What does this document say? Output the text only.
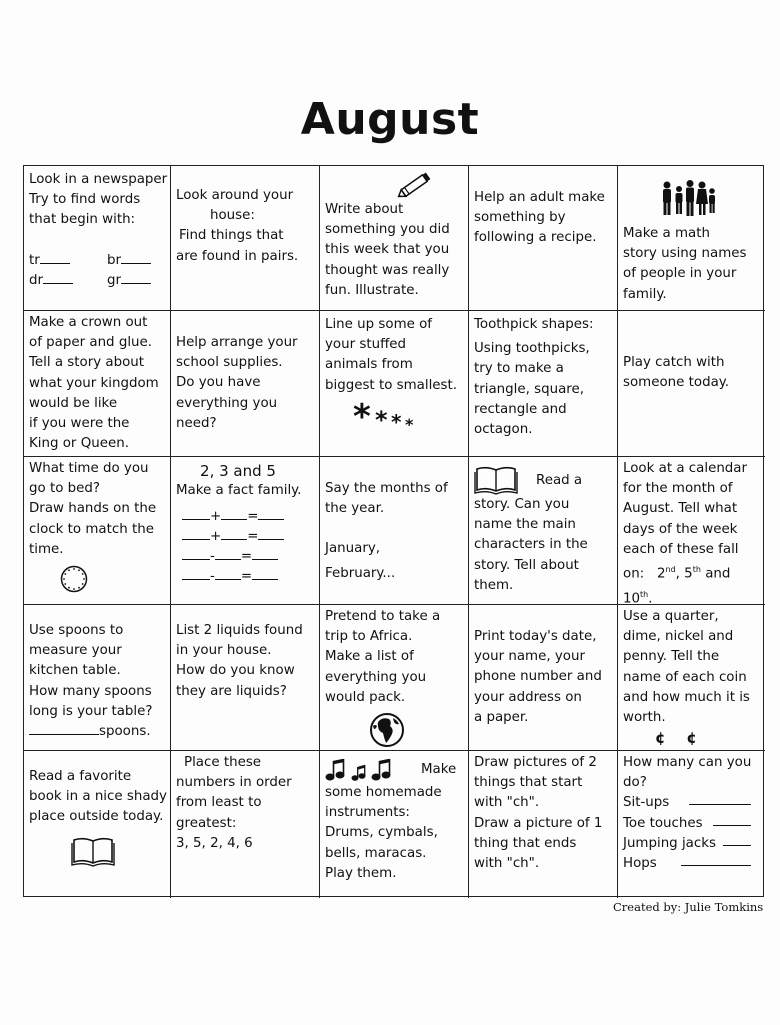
August
Look in a newspaper
Try to find words
that begin with:
tr	br
dr	gr
Look around your
house:
Find things that
are found in pairs.
Write about
something you did
this week that you
thought was really
fun. Illustrate.
Help an adult make
something by
following a recipe.	Make a math
story using names
of people in your
family.
Make a crown out
of paper and glue.
Tell a story about
what your kingdom
would be like
if you were the
King or Queen.
Help arrange your
school supplies.
Do you have
everything you
need?
Line up some of
your stuffed
animals from
biggest to smallest.
* * * *
Toothpick shapes:
Using toothpicks,
try to make a
triangle, square,
rectangle and
octagon.
Play catch with
someone today.
What time do you
go to bed?
Draw hands on the
clock to match the
time.
2, 3 and 5
Make a fact family.
+ =
+ =
- =
- =
Say the months of
the year.
January,
February...
Read a
story. Can you
name the main
characters in the
story. Tell about
them.
Look at a calendar
for the month of
August. Tell what
days of the week
each of these fall
on: 2nd, 5th and
10th.
Use spoons to
measure your
kitchen table.
How many spoons
long is your table?
spoons.
List 2 liquids found
in your house.
How do you know
they are liquids?
Pretend to take a
trip to Africa.
Make a list of
everything you
would pack.
Print today's date,
your name, your
phone number and
your address on
a paper.
Use a quarter,
dime, nickel and
penny. Tell the
name of each coin
and how much it is
worth.
¢    ¢
Read a favorite
book in a nice shady
place outside today.
Place these
numbers in order
from least to
greatest:
3, 5, 2, 4, 6
Make
some homemade
instruments:
Drums, cymbals,
bells, maracas.
Play them.
Draw pictures of 2
things that start
with "ch".
Draw a picture of 1
thing that ends
with "ch".
How many can you
do?
Sit-ups
Toe touches
Jumping jacks
Hops
Created by: Julie Tomkins
